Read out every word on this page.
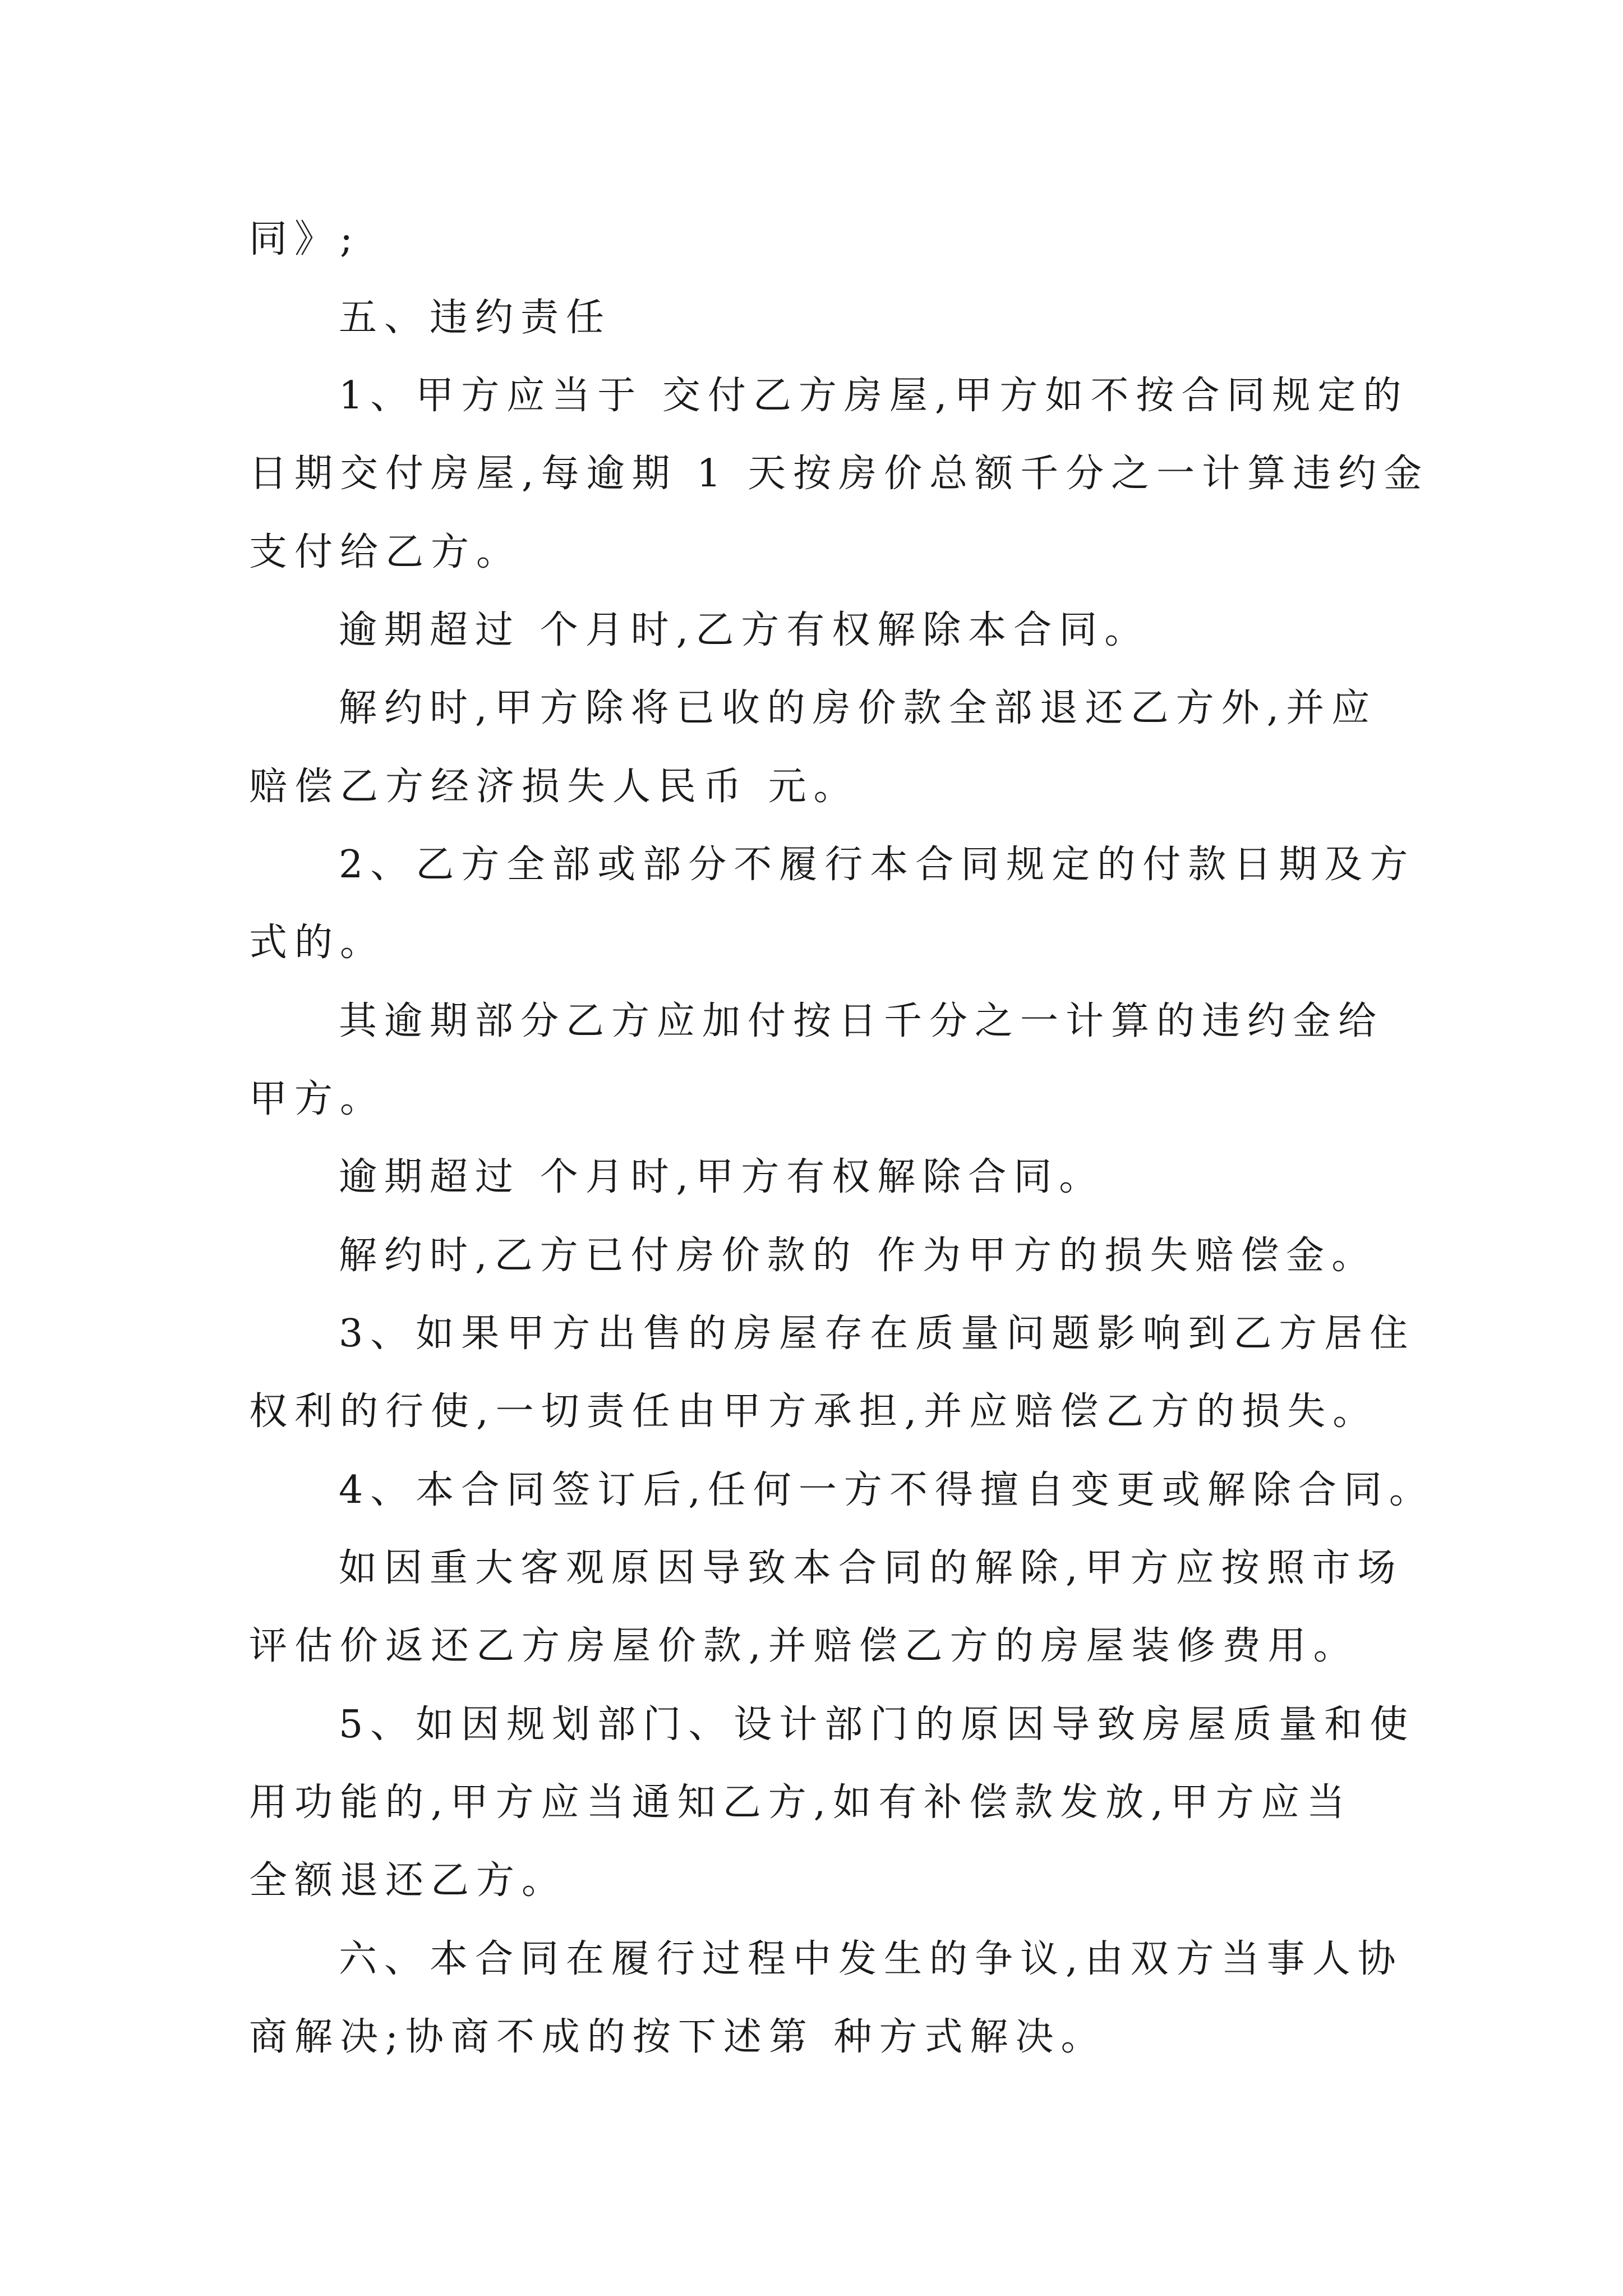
同》;

五、违约责任

1、甲方应当于 交付乙方房屋,甲方如不按合同规定的

日期交付房屋,每逾期 1 天按房价总额千分之一计算违约金

支付给乙方。

逾期超过 个月时,乙方有权解除本合同。

解约时,甲方除将已收的房价款全部退还乙方外,并应

赔偿乙方经济损失人民币 元。

2、乙方全部或部分不履行本合同规定的付款日期及方

式的。

其逾期部分乙方应加付按日千分之一计算的违约金给

甲方。

逾期超过 个月时,甲方有权解除合同。

解约时,乙方已付房价款的 作为甲方的损失赔偿金。

3、如果甲方出售的房屋存在质量问题影响到乙方居住

权利的行使,一切责任由甲方承担,并应赔偿乙方的损失。

4、本合同签订后,任何一方不得擅自变更或解除合同。

如因重大客观原因导致本合同的解除,甲方应按照市场

评估价返还乙方房屋价款,并赔偿乙方的房屋装修费用。

5、如因规划部门、设计部门的原因导致房屋质量和使

用功能的,甲方应当通知乙方,如有补偿款发放,甲方应当

全额退还乙方。

六、本合同在履行过程中发生的争议,由双方当事人协

商解决;协商不成的按下述第 种方式解决。
